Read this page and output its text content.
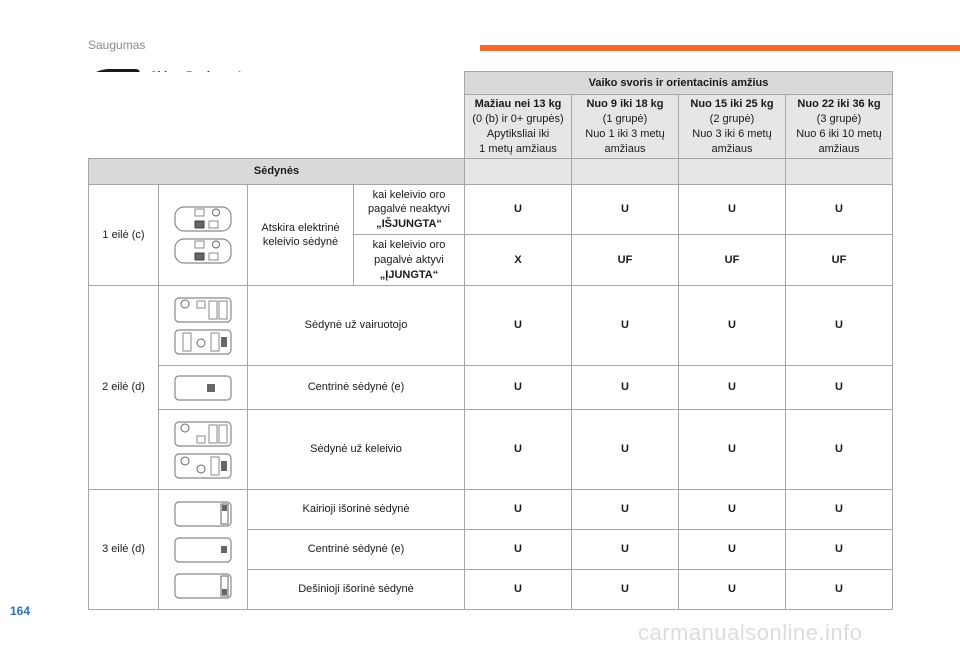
Saugumas
				Vaiko svoris ir orientacinis amžius			

				Mažiau nei 13 kg
(0 (b) ir 0+ grupės)
Apytiksliai iki
1 metų amžiaus	Nuo 9 iki 18 kg
(1 grupė)
Nuo 1 iki 3 metų
amžiaus	Nuo 15 iki 25 kg
(2 grupė)
Nuo 3 iki 6 metų
amžiaus	Nuo 22 iki 36 kg
(3 grupė)
Nuo 6 iki 10 metų
amžiaus
Sėdynės							
1 eilė (c)		Atskira elektrinė keleivio sėdynė	kai keleivio oro pagalvė neaktyvi
„IŠJUNGTA“	U	U	U	U
			kai keleivio oro pagalvė aktyvi
„ĮJUNGTA“	X	UF	UF	UF
2 eilė (d)		Sėdynė už vairuotojo		U	U	U	U

	Centrinė sėdynė (e)		U	U	U	U

	Sėdynė už keleivio		U	U	U	U
3 eilė (d)		Kairioji išorinė sėdynė		U	U	U	U
		Centrinė sėdynė (e)		U	U	U	U
		Dešinioji išorinė sėdynė		U	U	U	U
164
carmanualsonline.info
